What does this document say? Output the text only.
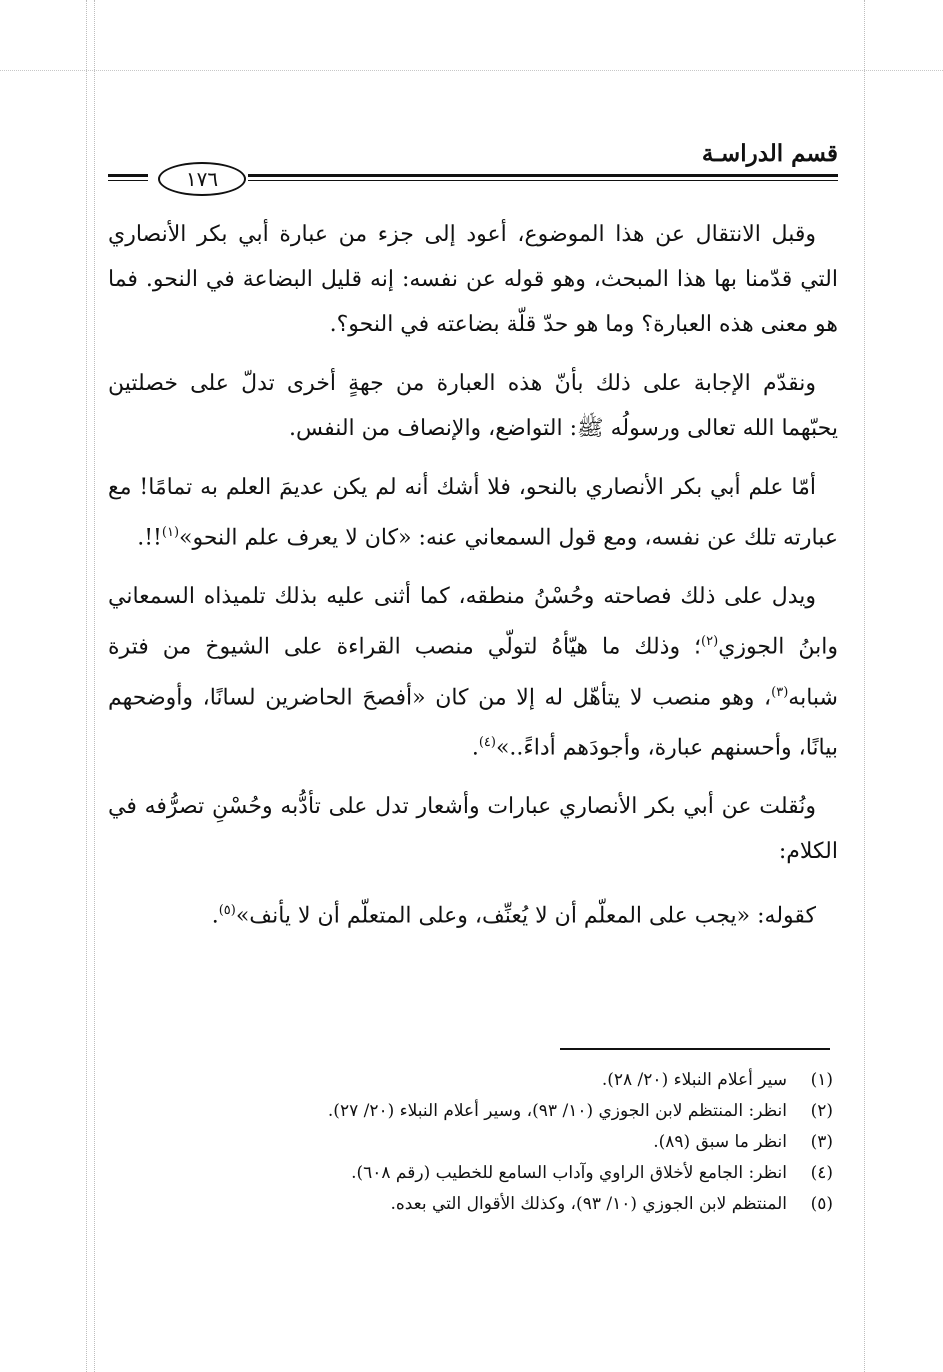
قسم الدراسـة
١٧٦

وقبل الانتقال عن هذا الموضوع، أعود إلى جزء من عبارة أبي بكر الأنصاري التي قدّمنا بها هذا المبحث، وهو قوله عن نفسه: إنه قليل البضاعة في النحو. فما هو معنى هذه العبارة؟ وما هو حدّ قلّة بضاعته في النحو؟.

ونقدّم الإجابة على ذلك بأنّ هذه العبارة من جهةٍ أخرى تدلّ على خصلتين يحبّهما الله تعالى ورسولُه ﷺ: التواضع، والإنصاف من النفس.

أمّا علم أبي بكر الأنصاري بالنحو، فلا أشك أنه لم يكن عديمَ العلم به تمامًا! مع عبارته تلك عن نفسه، ومع قول السمعاني عنه: «كان لا يعرف علم النحو»$^{(١)}$!!.

ويدل على ذلك فصاحته وحُسْنُ منطقه، كما أثنى عليه بذلك تلميذاه السمعاني وابنُ الجوزي$^{(٢)}$؛ وذلك ما هيّأهُ لتولّي منصب القراءة على الشيوخ من فترة شبابه$^{(٣)}$، وهو منصب لا يتأهّل له إلا من كان «أفصحَ الحاضرين لسانًا، وأوضحهم بيانًا، وأحسنهم عبارة، وأجودَهم أداءً..»$^{(٤)}$.

ونُقلت عن أبي بكر الأنصاري عبارات وأشعار تدل على تأدُّبه وحُسْنِ تصرُّفه في الكلام:

كقوله: «يجب على المعلّم أن لا يُعنِّف، وعلى المتعلّم أن لا يأنف»$^{(٥)}$.

(١)سير أعلام النبلاء (٢٠/ ٢٨).
(٢)انظر: المنتظم لابن الجوزي (١٠/ ٩٣)، وسير أعلام النبلاء (٢٠/ ٢٧).
(٣)انظر ما سبق (٨٩).
(٤)انظر: الجامع لأخلاق الراوي وآداب السامع للخطيب (رقم ٦٠٨).
(٥)المنتظم لابن الجوزي (١٠/ ٩٣)، وكذلك الأقوال التي بعده.
